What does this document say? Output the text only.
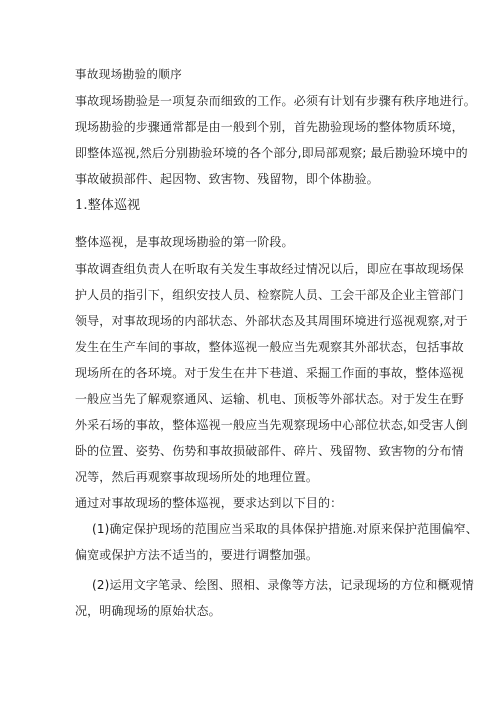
事故现场勘验的顺序
事故现场勘验是一项复杂而细致的工作。必须有计划有步骤有秩序地进行。
现场勘验的步骤通常都是由一般到个别，首先勘验现场的整体物质环境，
即整体巡视,然后分别勘验环境的各个部分,即局部观察; 最后勘验环境中的
事故破损部件、起因物、致害物、残留物，即个体勘验。
1.整体巡视
整体巡视，是事故现场勘验的第一阶段。
事故调查组负责人在听取有关发生事故经过情况以后，即应在事故现场保
护人员的指引下，组织安技人员、检察院人员、工会干部及企业主管部门
领导，对事故现场的内部状态、外部状态及其周围环境进行巡视观察,对于
发生在生产车间的事故，整体巡视一般应当先观察其外部状态，包括事故
现场所在的各环境。对于发生在井下巷道、采掘工作面的事故，整体巡视
一般应当先了解观察通风、运输、机电、顶板等外部状态。对于发生在野
外采石场的事故，整体巡视一般应当先观察现场中心部位状态,如受害人倒
卧的位置、姿势、伤势和事故损破部件、碎片、残留物、致害物的分布情
况等，然后再观察事故现场所处的地理位置。
通过对事故现场的整体巡视，要求达到以下目的：
(1)确定保护现场的范围应当采取的具体保护措施.对原来保护范围偏窄、
偏宽或保护方法不适当的，要进行调整加强。
(2)运用文字笔录、绘图、照相、录像等方法，记录现场的方位和概观情
况，明确现场的原始状态。
